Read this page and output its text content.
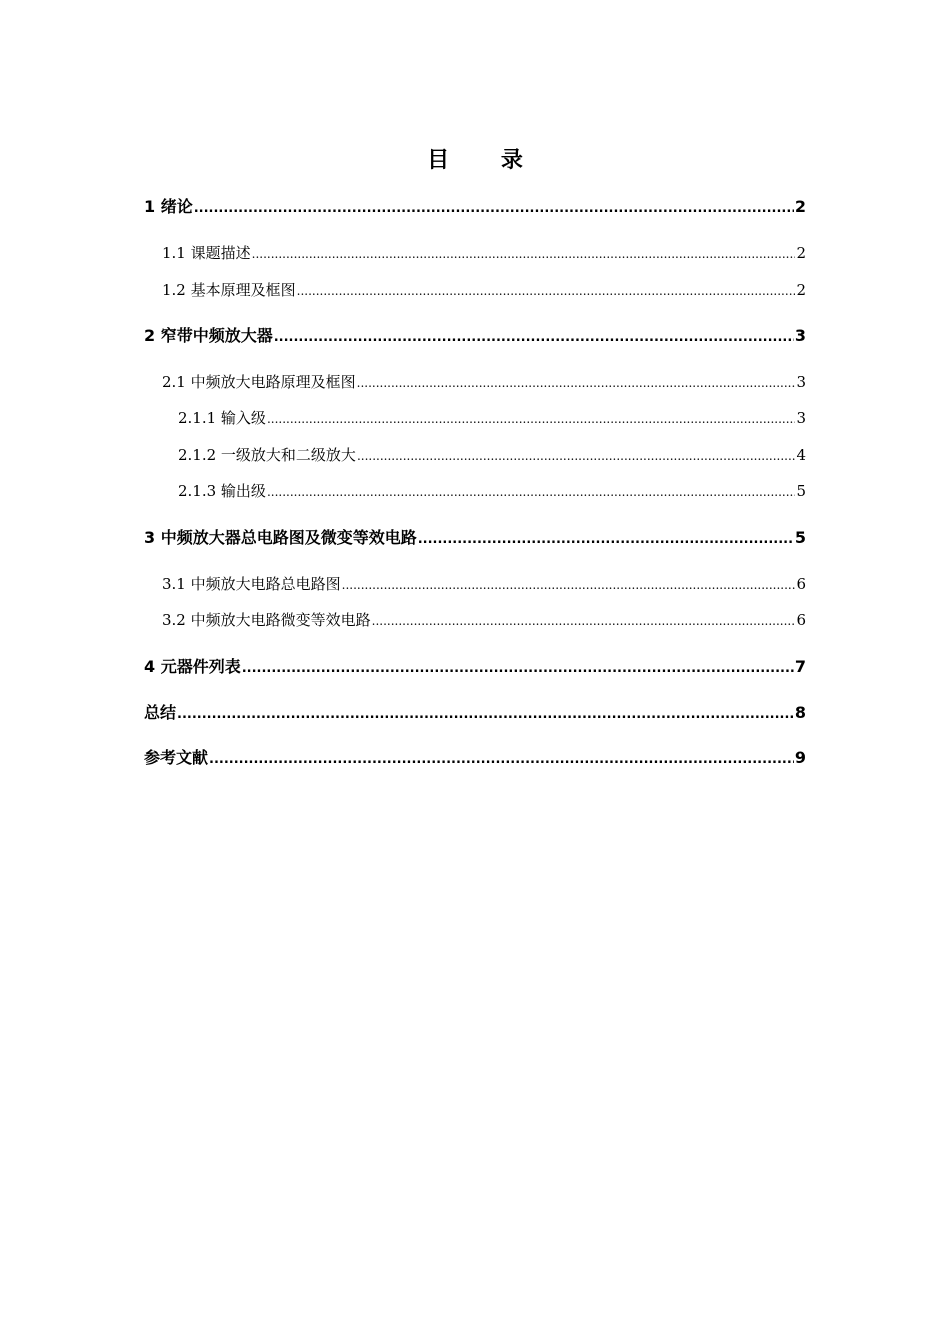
目 录
1 绪论 .....	2
1.1 课题描述 .....	2
1.2 基本原理及框图 .....	2
2 窄带中频放大器 .....	3
2.1 中频放大电路原理及框图 .....	3
2.1.1 输入级 .....	3
2.1.2 一级放大和二级放大 .....	4
2.1.3 输出级 .....	5
3 中频放大器总电路图及微变等效电路 .....	5
3.1 中频放大电路总电路图 .....	6
3.2 中频放大电路微变等效电路 .....	6
4 元器件列表 .....	7
总结 .....	8
参考文献 .....	9
